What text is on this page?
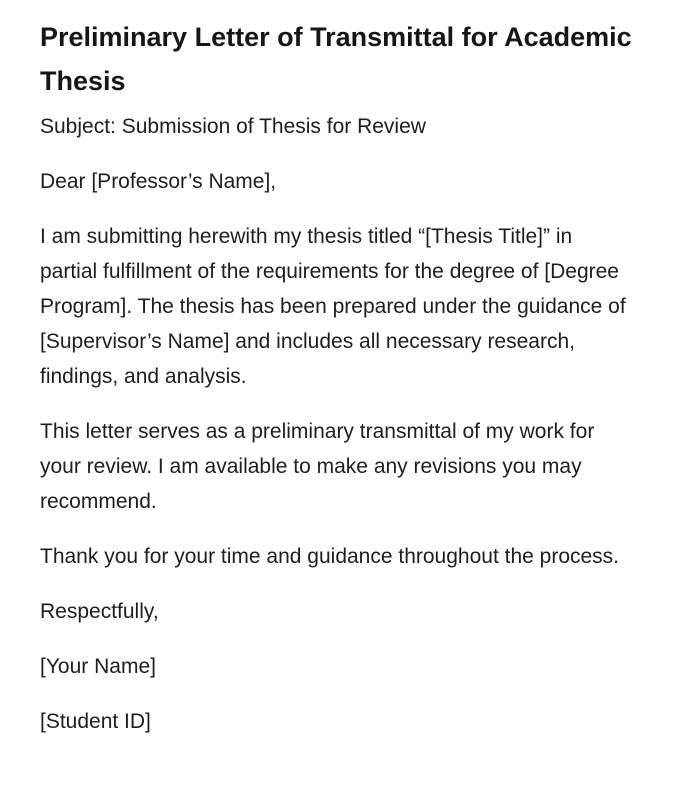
Preliminary Letter of Transmittal for Academic
Thesis

Subject: Submission of Thesis for Review

Dear [Professor’s Name],

I am submitting herewith my thesis titled “[Thesis Title]” in
partial fulfillment of the requirements for the degree of [Degree
Program]. The thesis has been prepared under the guidance of
[Supervisor’s Name] and includes all necessary research,
findings, and analysis.
This letter serves as a preliminary transmittal of my work for
your review. I am available to make any revisions you may
recommend.
Thank you for your time and guidance throughout the process.

Respectfully,

[Your Name]

[Student ID]
